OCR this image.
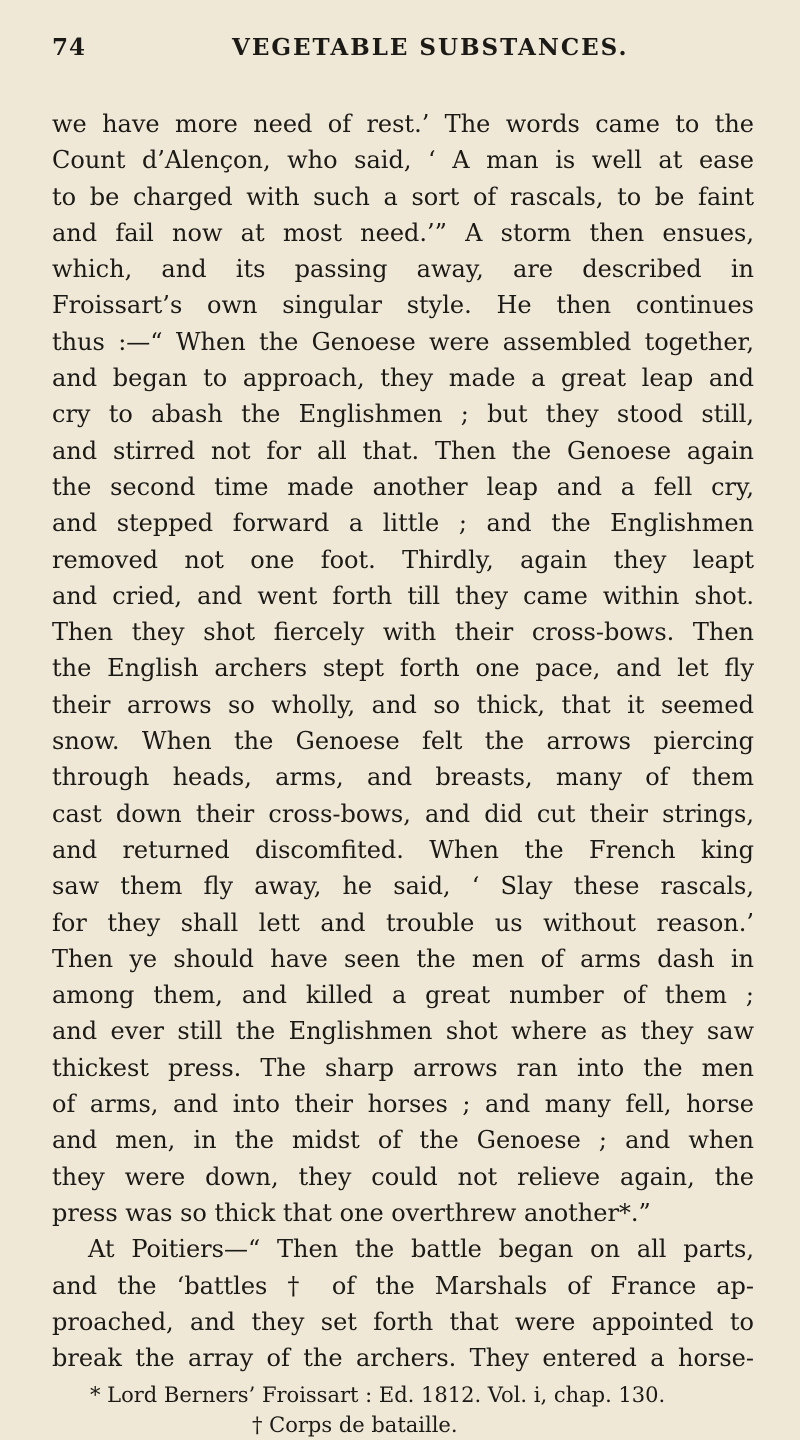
74	VEGETABLE SUBSTANCES.
we have more need of rest.’ The words came to the
Count d’Alençon, who said, ‘ A man is well at ease
to be charged with such a sort of rascals, to be faint
and fail now at most need.’” A storm then ensues,
which, and its passing away, are described in
Froissart’s own singular style. He then continues
thus :—“ When the Genoese were assembled together,
and began to approach, they made a great leap and
cry to abash the Englishmen ; but they stood still,
and stirred not for all that. Then the Genoese again
the second time made another leap and a fell cry,
and stepped forward a little ; and the Englishmen
removed not one foot. Thirdly, again they leapt
and cried, and went forth till they came within shot.
Then they shot fiercely with their cross-bows. Then
the English archers stept forth one pace, and let fly
their arrows so wholly, and so thick, that it seemed
snow. When the Genoese felt the arrows piercing
through heads, arms, and breasts, many of them
cast down their cross-bows, and did cut their strings,
and returned discomfited. When the French king
saw them fly away, he said, ‘ Slay these rascals,
for they shall lett and trouble us without reason.’
Then ye should have seen the men of arms dash in
among them, and killed a great number of them ;
and ever still the Englishmen shot where as they saw
thickest press. The sharp arrows ran into the men
of arms, and into their horses ; and many fell, horse
and men, in the midst of the Genoese ; and when
they were down, they could not relieve again, the
press was so thick that one overthrew another*.”
At Poitiers—“ Then the battle began on all parts,
and the ‘battles † of the Marshals of France ap-
proached, and they set forth that were appointed to
break the array of the archers. They entered a horse-
* Lord Berners’ Froissart : Ed. 1812. Vol. i, chap. 130.
† Corps de bataille.
